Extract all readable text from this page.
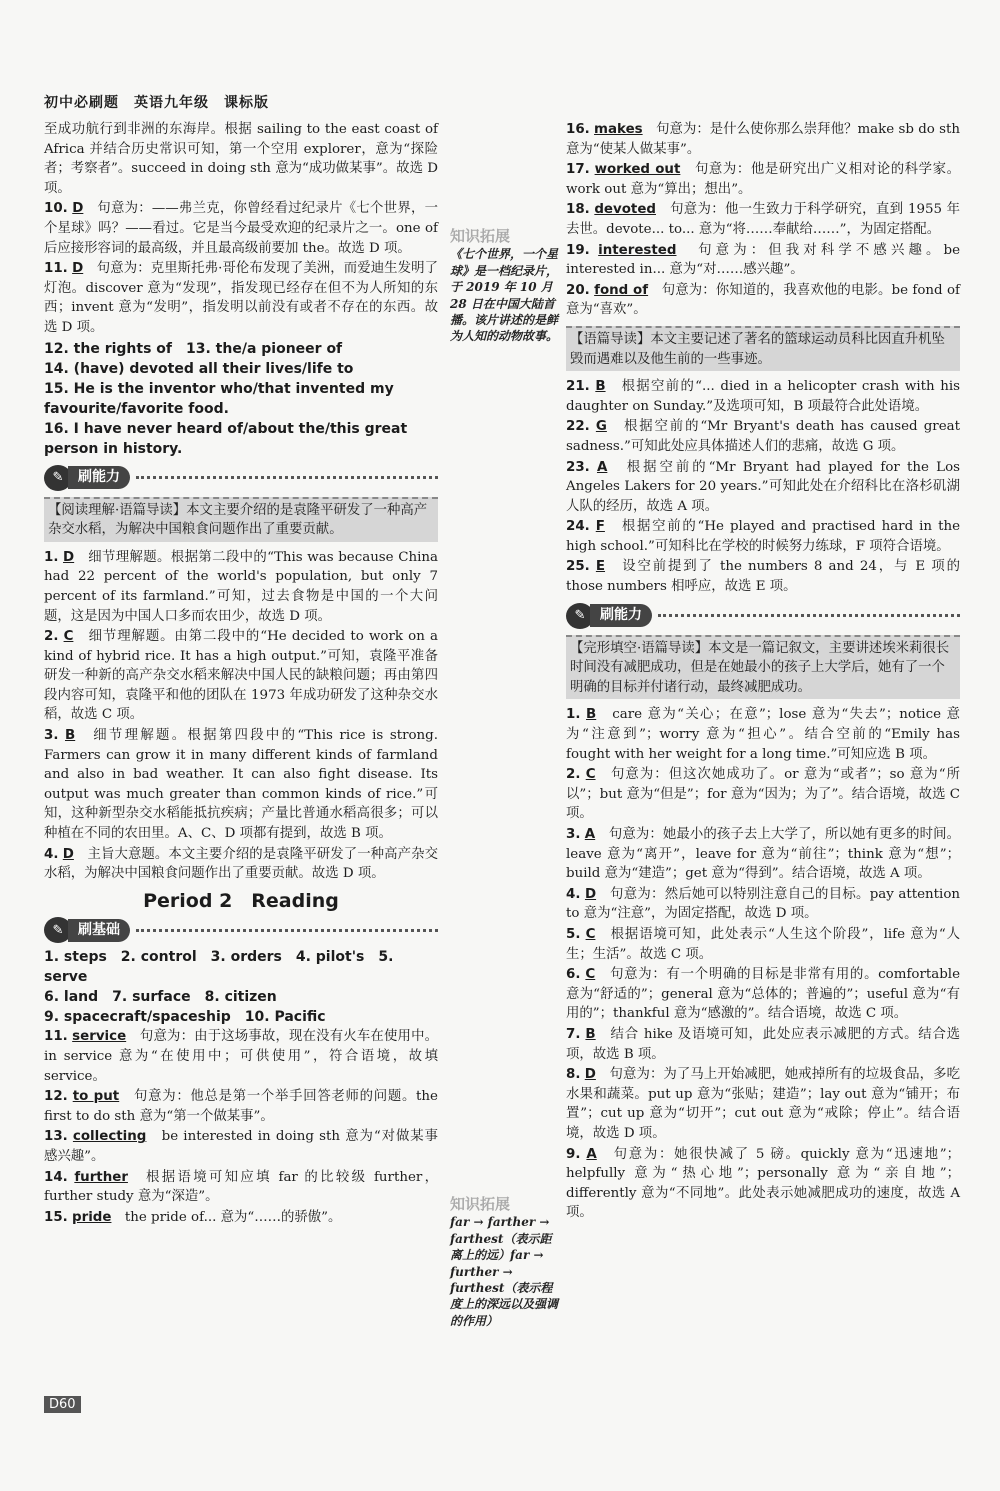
初中必刷题　英语九年级　课标版

至成功航行到非洲的东海岸。根据 sailing to the east coast of Africa 并结合历史常识可知，第一个空用 explorer，意为“探险者；考察者”。succeed in doing sth 意为“成功做某事”。故选 D 项。

10. D　 句意为：——弗兰克，你曾经看过纪录片《七个世界，一个星球》吗？——看过。它是当今最受欢迎的纪录片之一。one of 后应接形容词的最高级，并且最高级前要加 the。故选 D 项。

11. D　 句意为：克里斯托弗·哥伦布发现了美洲，而爱迪生发明了灯泡。discover 意为“发现”，指发现已经存在但不为人所知的东西；invent 意为“发明”，指发明以前没有或者不存在的东西。故选 D 项。

12. the rights of　13. the/a pioneer of

14. (have) devoted all their lives/life to

15. He is the inventor who/that invented my favourite/favorite food.

16. I have never heard of/about the/this great person in history.

✎	刷能力
【阅读理解·语篇导读】本文主要介绍的是袁隆平研发了一种高产杂交水稻，为解决中国粮食问题作出了重要贡献。

1. D　 细节理解题。根据第二段中的“This was because China had 22 percent of the world's population, but only 7 percent of its farmland.”可知，过去食物是中国的一个大问题，这是因为中国人口多而农田少，故选 D 项。

2. C　 细节理解题。由第二段中的“He decided to work on a kind of hybrid rice. It has a high output.”可知，袁隆平准备研发一种新的高产杂交水稻来解决中国人民的缺粮问题；再由第四段内容可知，袁隆平和他的团队在 1973 年成功研发了这种杂交水稻，故选 C 项。

3. B　 细节理解题。根据第四段中的“This rice is strong. Farmers can grow it in many different kinds of farmland and also in bad weather. It can also fight disease. Its output was much greater than common kinds of rice.”可知，这种新型杂交水稻能抵抗疾病；产量比普通水稻高很多；可以种植在不同的农田里。A、C、D 项都有提到，故选 B 项。

4. D　 主旨大意题。本文主要介绍的是袁隆平研发了一种高产杂交水稻，为解决中国粮食问题作出了重要贡献。故选 D 项。

Period 2　Reading
✎	刷基础

1. steps　2. control　3. orders　4. pilot's　5. serve

6. land　7. surface　8. citizen

9. spacecraft/spaceship　10. Pacific

11. service　 句意为：由于这场事故，现在没有火车在使用中。in service 意为“在使用中；可供使用”，符合语境，故填 service。

12. to put　 句意为：他总是第一个举手回答老师的问题。the first to do sth 意为“第一个做某事”。

13. collecting　 be interested in doing sth 意为“对做某事感兴趣”。

14. further　 根据语境可知应填 far 的比较级 further，further study 意为“深造”。

15. pride　 the pride of... 意为“……的骄傲”。

知识拓展
《七个世界，一个星球》是一档纪录片，于 2019 年 10 月 28 日在中国大陆首播。该片讲述的是鲜为人知的动物故事。
知识拓展
far → farther → farthest（表示距离上的远）far → further → furthest（表示程度上的深远以及强调的作用）

16. makes　 句意为：是什么使你那么崇拜他？make sb do sth 意为“使某人做某事”。

17. worked out　 句意为：他是研究出广义相对论的科学家。work out 意为“算出；想出”。

18. devoted　 句意为：他一生致力于科学研究，直到 1955 年去世。devote... to... 意为“将……奉献给……”，为固定搭配。

19. interested　 句意为：但我对科学不感兴趣。be interested in... 意为“对……感兴趣”。

20. fond of　 句意为：你知道的，我喜欢他的电影。be fond of 意为“喜欢”。

【语篇导读】本文主要记述了著名的篮球运动员科比因直升机坠毁而遇难以及他生前的一些事迹。

21. B　 根据空前的“... died in a helicopter crash with his daughter on Sunday.”及选项可知，B 项最符合此处语境。

22. G　 根据空前的“Mr Bryant's death has caused great sadness.”可知此处应具体描述人们的悲痛，故选 G 项。

23. A　 根据空前的“Mr Bryant had played for the Los Angeles Lakers for 20 years.”可知此处在介绍科比在洛杉矶湖人队的经历，故选 A 项。

24. F　 根据空前的“He played and practised hard in the high school.”可知科比在学校的时候努力练球，F 项符合语境。

25. E　 设空前提到了 the numbers 8 and 24，与 E 项的 those numbers 相呼应，故选 E 项。

✎	刷能力
【完形填空·语篇导读】本文是一篇记叙文，主要讲述埃米莉很长时间没有减肥成功，但是在她最小的孩子上大学后，她有了一个明确的目标并付诸行动，最终减肥成功。

1. B　 care 意为“关心；在意”；lose 意为“失去”；notice 意为“注意到”；worry 意为“担心”。结合空前的“Emily has fought with her weight for a long time.”可知应选 B 项。

2. C　 句意为：但这次她成功了。or 意为“或者”；so 意为“所以”；but 意为“但是”；for 意为“因为；为了”。结合语境，故选 C 项。

3. A　 句意为：她最小的孩子去上大学了，所以她有更多的时间。leave 意为“离开”，leave for 意为“前往”；think 意为“想”；build 意为“建造”；get 意为“得到”。结合语境，故选 A 项。

4. D　 句意为：然后她可以特别注意自己的目标。pay attention to 意为“注意”，为固定搭配，故选 D 项。

5. C　 根据语境可知，此处表示“人生这个阶段”，life 意为“人生；生活”。故选 C 项。

6. C　 句意为：有一个明确的目标是非常有用的。comfortable 意为“舒适的”；general 意为“总体的；普遍的”；useful 意为“有用的”；thankful 意为“感激的”。结合语境，故选 C 项。

7. B　 结合 hike 及语境可知，此处应表示减肥的方式。结合选项，故选 B 项。

8. D　 句意为：为了马上开始减肥，她戒掉所有的垃圾食品，多吃水果和蔬菜。put up 意为“张贴；建造”；lay out 意为“铺开；布置”；cut up 意为“切开”；cut out 意为“戒除；停止”。结合语境，故选 D 项。

9. A　 句意为：她很快减了 5 磅。quickly 意为“迅速地”；helpfully 意为“热心地”；personally 意为“亲自地”；differently 意为“不同地”。此处表示她减肥成功的速度，故选 A 项。

D60
